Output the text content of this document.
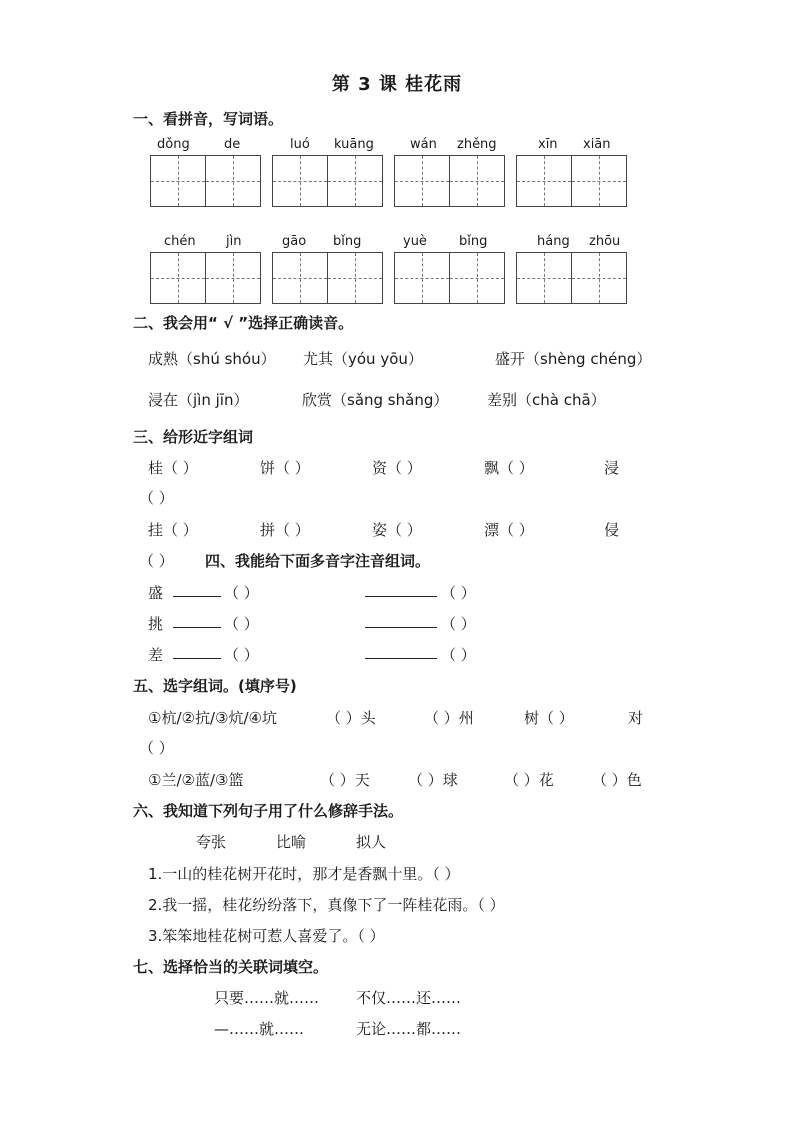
第 3 课 桂花雨
一、看拼音，写词语。
dǒng	de	luó kuāng	wán zhěng	xīn xiān
chén jìn	gāo bǐng	yuè bǐng	háng zhōu
二、我会用“ √ ”选择正确读音。
成熟（shú shóu） 尤其（yóu yōu）	盛开（shèng chéng）
浸在（jìn jīn）	欣赏（sǎng shǎng）	差别（chà chā）
三、给形近字组词
桂（ ）	饼（ ）	资（ ）	飘（ ）	浸
（ ）
挂（ ）	拼（ ）	姿（ ）	漂（ ）	侵
（ ） 四、我能给下面多音字注音组词。
盛	（ ）	（ ）
挑	（ ）	（ ）
差	（ ）	（ ）
五、选字组词。(填序号)
①杭/②抗/③炕/④坑	（ ）头	（ ）州	树（ ）	对
（ ）
①兰/②蓝/③篮	（ ）天	（ ）球	（ ）花	（ ）色
六、我知道下列句子用了什么修辞手法。
夸张	比喻	拟人
1.一山的桂花树开花时，那才是香飘十里。（ ）
2.我一摇，桂花纷纷落下，真像下了一阵桂花雨。（ ）
3.笨笨地桂花树可惹人喜爱了。（ ）
七、选择恰当的关联词填空。
只要……就…… 不仅……还……
—……就……	无论……都……
